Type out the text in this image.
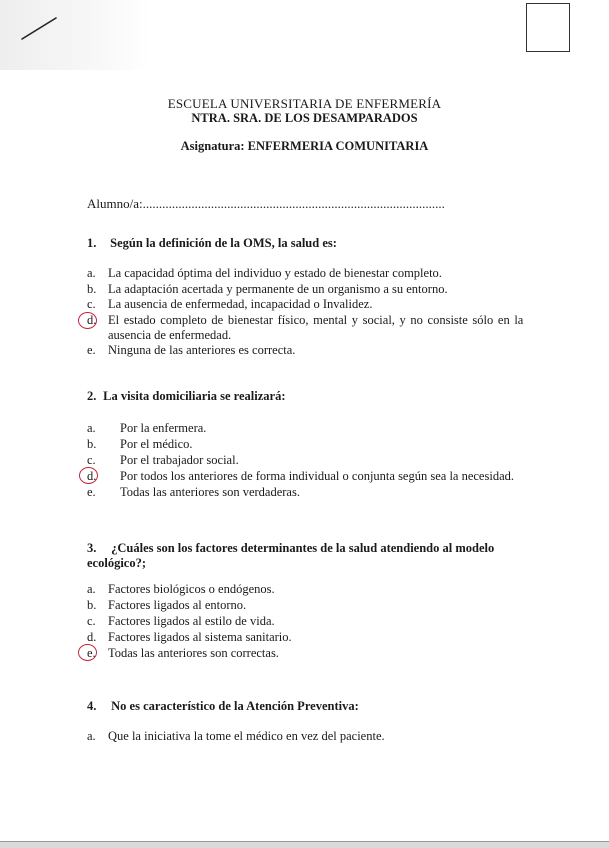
ESCUELA UNIVERSITARIA DE ENFERMERÍA
NTRA. SRA. DE LOS DESAMPARADOS
Asignatura: ENFERMERIA COMUNITARIA
Alumno/a:.............................................................................................
1. Según la definición de la OMS, la salud es:
a. La capacidad óptima del individuo y estado de bienestar completo.
b. La adaptación acertada y permanente de un organismo a su entorno.
c. La ausencia de enfermedad, incapacidad o Invalidez.
d. El estado completo de bienestar físico, mental y social, y no consiste sólo en la
ausencia de enfermedad.
e. Ninguna de las anteriores es correcta.
2. La visita domiciliaria se realizará:
a. Por la enfermera.
b. Por el médico.
c. Por el trabajador social.
d. Por todos los anteriores de forma individual o conjunta según sea la necesidad.
e. Todas las anteriores son verdaderas.
3. ¿Cuáles son los factores determinantes de la salud atendiendo al modelo
ecológico?;
a. Factores biológicos o endógenos.
b. Factores ligados al entorno.
c. Factores ligados al estilo de vida.
d. Factores ligados al sistema sanitario.
e. Todas las anteriores son correctas.
4. No es característico de la Atención Preventiva:
a. Que la iniciativa la tome el médico en vez del paciente.
